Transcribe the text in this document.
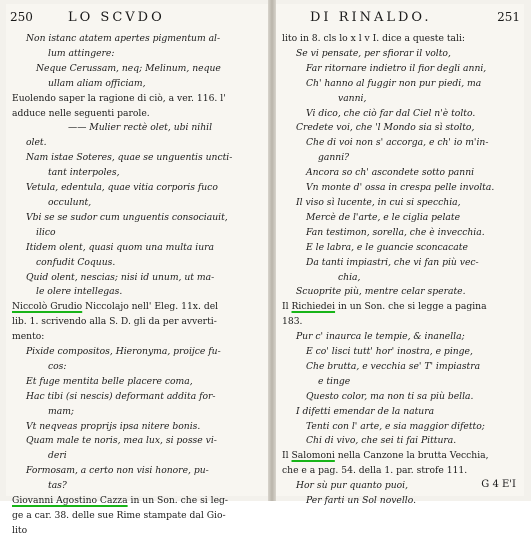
250	LO SCVDO
Non istanc atatem apertes pigmentum al-
lum attingere:
Neque Cerussam, neq; Melinum, neque
ullam aliam officiam,
Euolendo saper la ragione di ciò, a ver. 116. l'
adduce nelle seguenti parole.
—— Mulier rectè olet, ubi nihil
olet.
Nam istae Soteres, quae se unguentis uncti-
tant interpoles,
Vetula, edentula, quae vitia corporis fuco
occulunt,
Vbi se se sudor cum unguentis consociauit,
ilico
Itidem olent, quasi quom una multa iura
confudit Coquus.
Quid olent, nescias; nisi id unum, ut ma-
le olere intellegas.
Niccolò Grudio Niccolajo nell' Eleg. 11x. del
lib. 1. scrivendo alla S. D. gli da per avverti-
mento:
Pixide compositos, Hieronyma, proijce fu-
cos:
Et fuge mentita belle placere coma,
Hac tibi (si nescis) deformant addita for-
mam;
Vt neqveas proprijs ipsa nitere bonis.
Quam male te noris, mea lux, si posse vi-
deri
Formosam, a certo non visi honore, pu-
tas?
Giovanni Agostino Cazza in un Son. che si leg-
ge a car. 38. delle sue Rime stampate dal Gio-
lito
DI RINALDO.	251
lito in 8. cls lo x l v I. dice a queste tali:
Se vi pensate, per sfiorar il volto,
Far ritornare indietro il fior degli anni,
Ch' hanno al fuggir non pur piedi, ma
vanni,
Vi dico, che ciò far dal Ciel n'è tolto.
Credete voi, che 'l Mondo sia sì stolto,
Che di voi non s' accorga, e ch' io m'in-
ganni?
Ancora so ch' ascondete sotto panni
Vn monte d' ossa in crespa pelle involta.
Il viso sì lucente, in cui si specchia,
Mercè de l'arte, e le ciglia pelate
Fan testimon, sorella, che è invecchia.
E le labra, e le guancie sconcacate
Da tanti impiastri, che vi fan più vec-
chia,
Scuoprite più, mentre celar sperate.
Il Richiedei in un Son. che si legge a pagina
183.
Pur c' inaurca le tempie, & inanella;
E co' lisci tutt' hor' inostra, e pinge,
Che brutta, e vecchia se' T' impiastra
e tinge
Questo color, ma non ti sa più bella.
I difetti emendar de la natura
Tenti con l' arte, e sia maggior difetto;
Chi di vivo, che sei ti fai Pittura.
Il Salomoni nella Canzone la brutta Vecchia,
che e a pag. 54. della 1. par. strofe 111.
Hor sù pur quanto puoi,
Per farti un Sol novello.
G 4 E'I
